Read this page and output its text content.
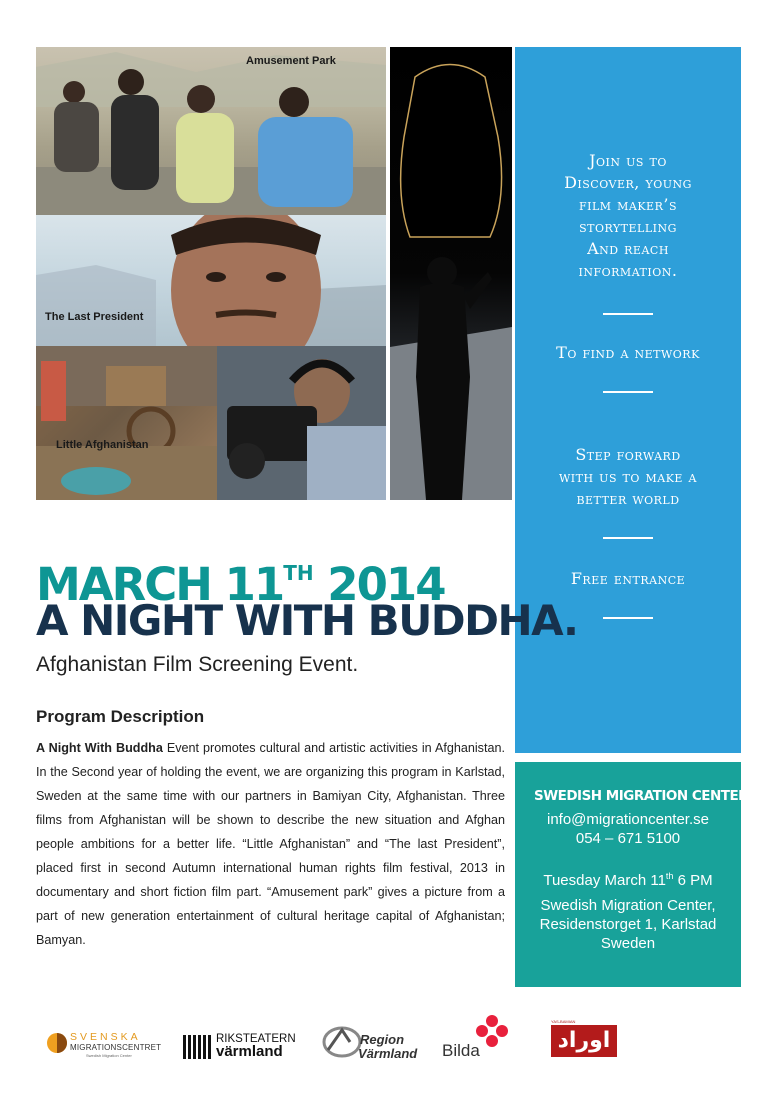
Amusement Park
The Last President
Little Afghanistan
Join us to
Discover, young
film maker’s
storytelling
And reach
information.
To find a network
Step forward
with us to make a
better world
Free entrance
MARCH 11TH 2014
A NIGHT WITH BUDDHA.
Afghanistan Film Screening Event.
Program Description
A Night With Buddha Event promotes cultural and artistic activities in Afghanistan. In the Second year of holding the event, we are organizing this program in Karlstad, Sweden at the same time with our partners in Bamiyan City, Afghanistan. Three films from Afghanistan will be shown to describe the new situation and Afghan people ambitions for a better life. “Little Afghanistan” and “The last President”, placed first in second Autumn international human rights film festival, 2013 in documentary and short fiction film part. “Amusement park” gives a picture from a part of new generation entertainment of cultural heritage capital of Afghanistan; Bamyan.
SWEDISH MIGRATION CENTER
info@migrationcenter.se
054 – 671 5100
Tuesday March 11th 6 PM
Swedish Migration Center,
Residenstorget 1, Karlstad
Sweden
SVENSKA
MIGRATIONSCENTRET
Swedish Migration Center
RIKSTEATERN
värmland
Region
Värmland Bilda
YAS-BAMIAN
اوراد
